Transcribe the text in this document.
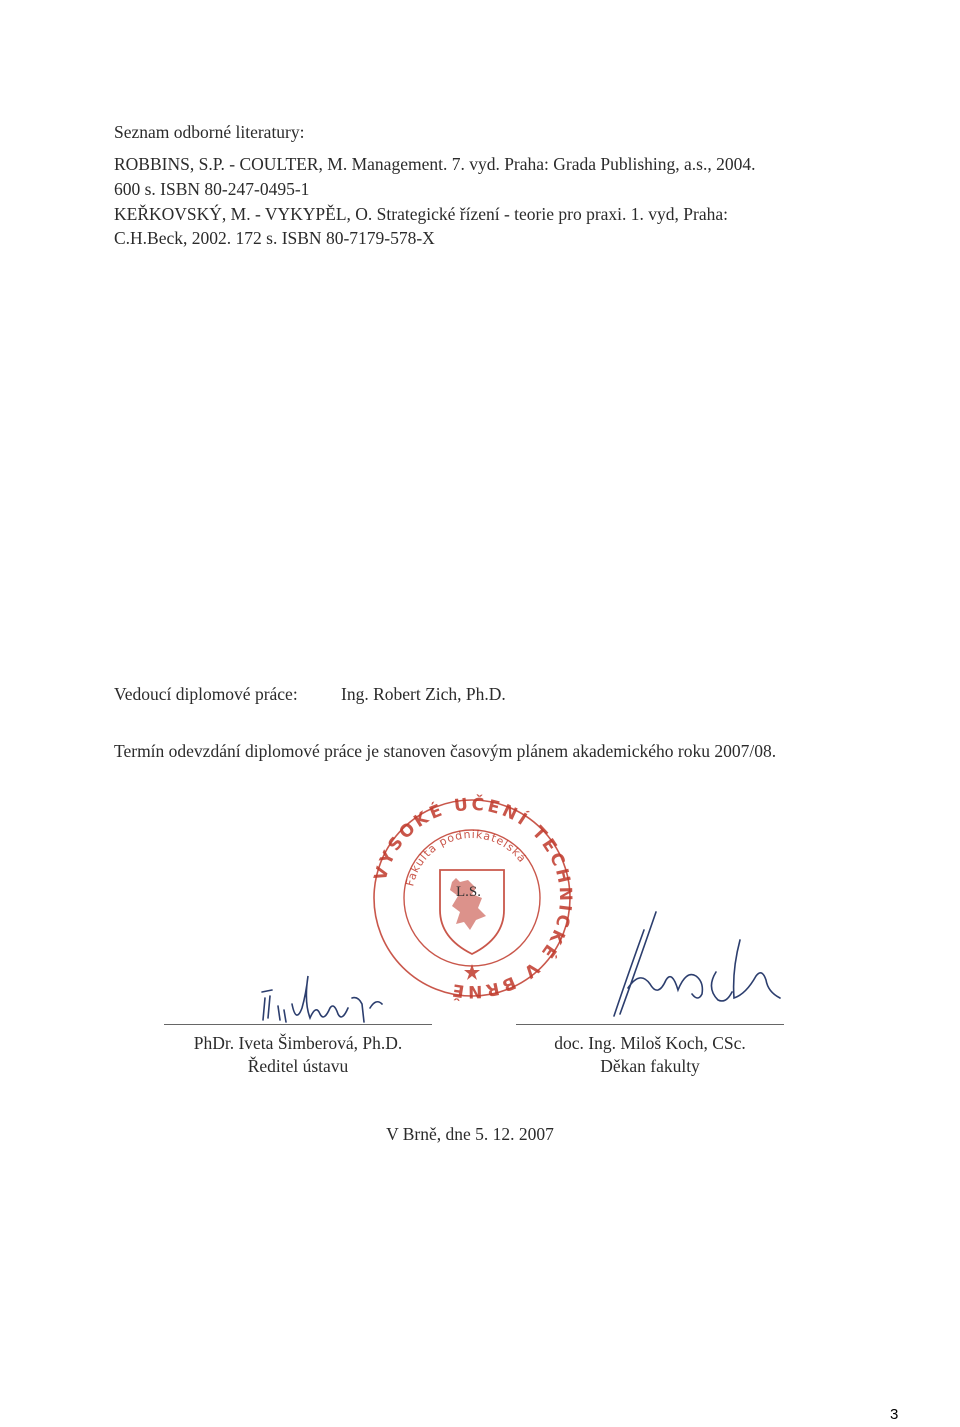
Seznam odborné literatury:
ROBBINS, S.P. - COULTER, M. Management. 7. vyd. Praha: Grada Publishing, a.s., 2004.
600 s. ISBN 80-247-0495-1
KEŘKOVSKÝ, M. - VYKYPĚL, O. Strategické řízení - teorie pro praxi. 1. vyd, Praha:
C.H.Beck, 2002. 172 s. ISBN 80-7179-578-X
Vedoucí diplomové práce: Ing. Robert Zich, Ph.D.
Termín odevzdání diplomové práce je stanoven časovým plánem akademického roku 2007/08.
VYSOKÉ UČENÍ TECHNICKÉ V BRNĚ
Fakulta podnikatelská
L.S.
PhDr. Iveta Šimberová, Ph.D.
Ředitel ústavu
doc. Ing. Miloš Koch, CSc.
Děkan fakulty
V Brně, dne 5. 12. 2007
3
